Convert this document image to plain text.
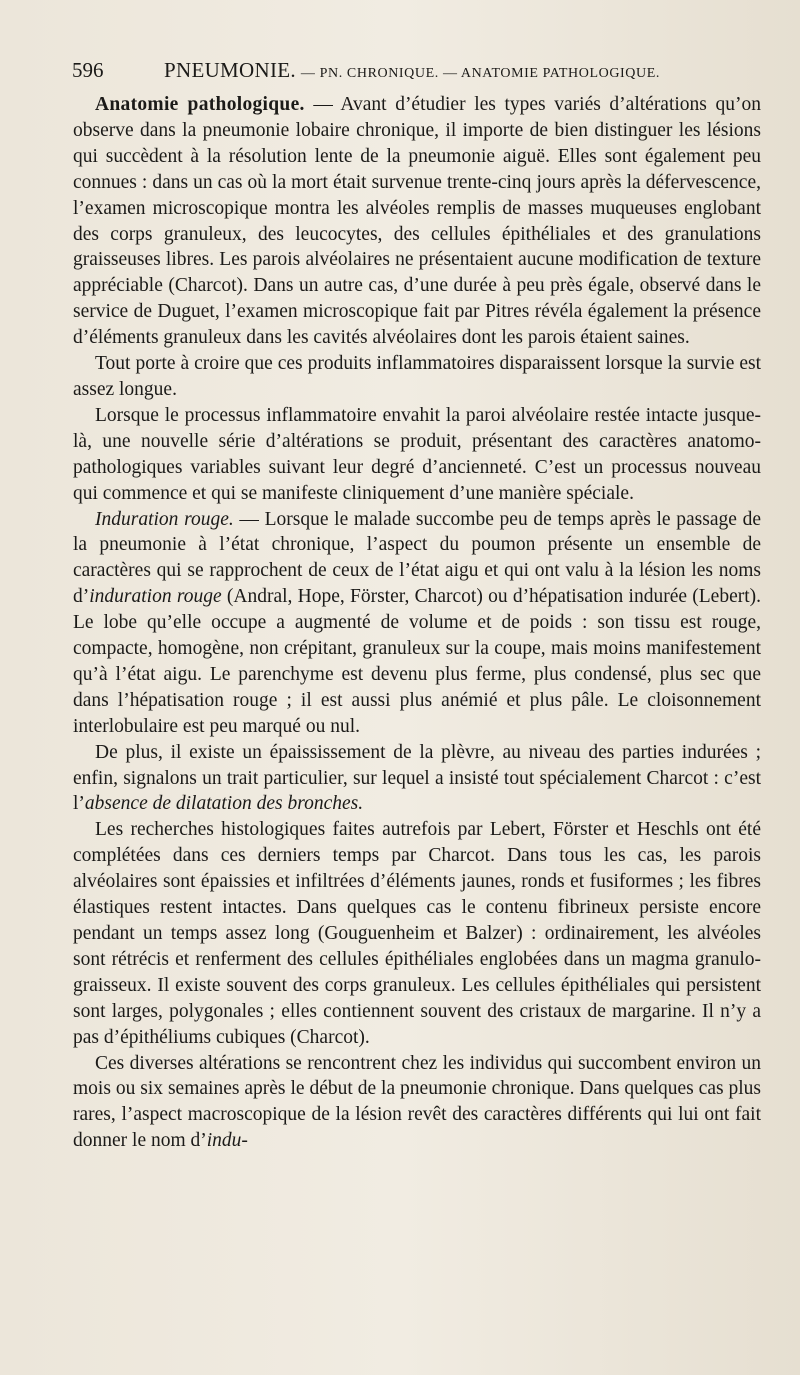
596	PNEUMONIE. — PN. CHRONIQUE. — ANATOMIE PATHOLOGIQUE.

Anatomie pathologique. — Avant d’étudier les types variés d’altérations qu’on observe dans la pneumonie lobaire chronique, il importe de bien distinguer les lésions qui succèdent à la résolution lente de la pneumonie aiguë. Elles sont également peu connues : dans un cas où la mort était survenue trente-cinq jours après la défervescence, l’examen microscopique montra les alvéoles remplis de masses muqueuses englobant des corps granuleux, des leucocytes, des cellules épithéliales et des granulations graisseuses libres. Les parois alvéolaires ne présentaient aucune modification de texture appréciable (Charcot). Dans un autre cas, d’une durée à peu près égale, observé dans le service de Duguet, l’examen microscopique fait par Pitres révéla également la présence d’éléments granuleux dans les cavités alvéolaires dont les parois étaient saines.

Tout porte à croire que ces produits inflammatoires disparaissent lorsque la survie est assez longue.

Lorsque le processus inflammatoire envahit la paroi alvéolaire restée intacte jusque-là, une nouvelle série d’altérations se produit, présentant des caractères anatomo-pathologiques variables suivant leur degré d’ancienneté. C’est un processus nouveau qui commence et qui se manifeste cliniquement d’une manière spéciale.

Induration rouge. — Lorsque le malade succombe peu de temps après le passage de la pneumonie à l’état chronique, l’aspect du poumon présente un ensemble de caractères qui se rapprochent de ceux de l’état aigu et qui ont valu à la lésion les noms d’induration rouge (Andral, Hope, Förster, Charcot) ou d’hépatisation indurée (Lebert). Le lobe qu’elle occupe a augmenté de volume et de poids : son tissu est rouge, compacte, homogène, non crépitant, granuleux sur la coupe, mais moins manifestement qu’à l’état aigu. Le parenchyme est devenu plus ferme, plus condensé, plus sec que dans l’hépatisation rouge ; il est aussi plus anémié et plus pâle. Le cloisonnement interlobulaire est peu marqué ou nul.

De plus, il existe un épaississement de la plèvre, au niveau des parties indurées ; enfin, signalons un trait particulier, sur lequel a insisté tout spécialement Charcot : c’est l’absence de dilatation des bronches.

Les recherches histologiques faites autrefois par Lebert, Förster et Heschls ont été complétées dans ces derniers temps par Charcot. Dans tous les cas, les parois alvéolaires sont épaissies et infiltrées d’éléments jaunes, ronds et fusiformes ; les fibres élastiques restent intactes. Dans quelques cas le contenu fibrineux persiste encore pendant un temps assez long (Gouguenheim et Balzer) : ordinairement, les alvéoles sont rétrécis et renferment des cellules épithéliales englobées dans un magma granulo-graisseux. Il existe souvent des corps granuleux. Les cellules épithéliales qui persistent sont larges, polygonales ; elles contiennent souvent des cristaux de margarine. Il n’y a pas d’épithéliums cubiques (Charcot).

Ces diverses altérations se rencontrent chez les individus qui succombent environ un mois ou six semaines après le début de la pneumonie chronique. Dans quelques cas plus rares, l’aspect macroscopique de la lésion revêt des caractères différents qui lui ont fait donner le nom d’indu-
